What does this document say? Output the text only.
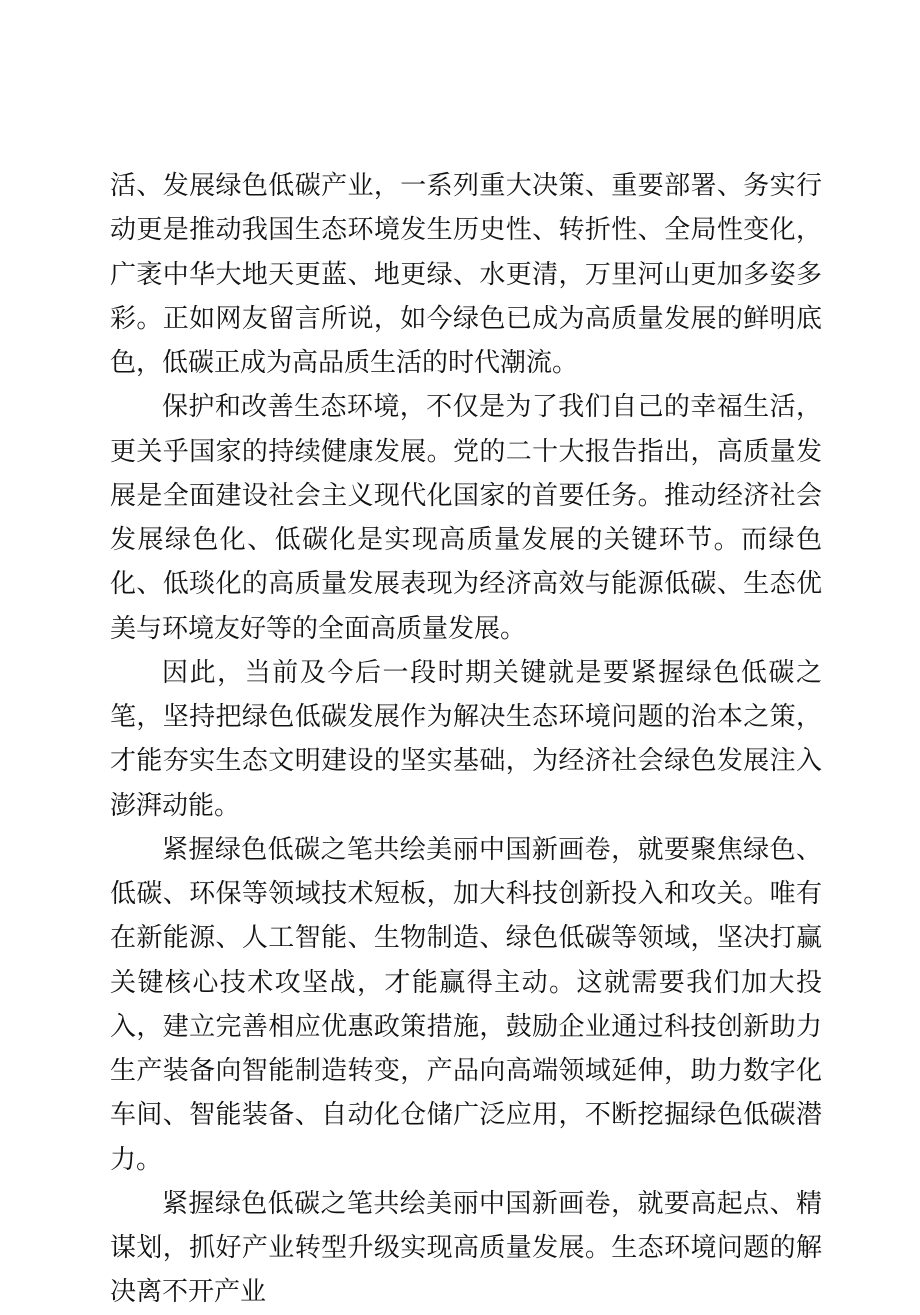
活、发展绿色低碳产业，一系列重大决策、重要部署、务实行动更是推动我国生态环境发生历史性、转折性、全局性变化，广袤中华大地天更蓝、地更绿、水更清，万里河山更加多姿多彩。正如网友留言所说，如今绿色已成为高质量发展的鲜明底色，低碳正成为高品质生活的时代潮流。

保护和改善生态环境，不仅是为了我们自己的幸福生活，更关乎国家的持续健康发展。党的二十大报告指出，高质量发展是全面建设社会主义现代化国家的首要任务。推动经济社会发展绿色化、低碳化是实现高质量发展的关键环节。而绿色化、低琰化的高质量发展表现为经济高效与能源低碳、生态优美与环境友好等的全面高质量发展。

因此，当前及今后一段时期关键就是要紧握绿色低碳之笔，坚持把绿色低碳发展作为解决生态环境问题的治本之策，才能夯实生态文明建设的坚实基础，为经济社会绿色发展注入澎湃动能。

紧握绿色低碳之笔共绘美丽中国新画卷，就要聚焦绿色、低碳、环保等领域技术短板，加大科技创新投入和攻关。唯有在新能源、人工智能、生物制造、绿色低碳等领域，坚决打赢关键核心技术攻坚战，才能赢得主动。这就需要我们加大投入，建立完善相应优惠政策措施，鼓励企业通过科技创新助力生产装备向智能制造转变，产品向高端领域延伸，助力数字化车间、智能装备、自动化仓储广泛应用，不断挖掘绿色低碳潜力。

紧握绿色低碳之笔共绘美丽中国新画卷，就要高起点、精谋划，抓好产业转型升级实现高质量发展。生态环境问题的解决离不开产业
